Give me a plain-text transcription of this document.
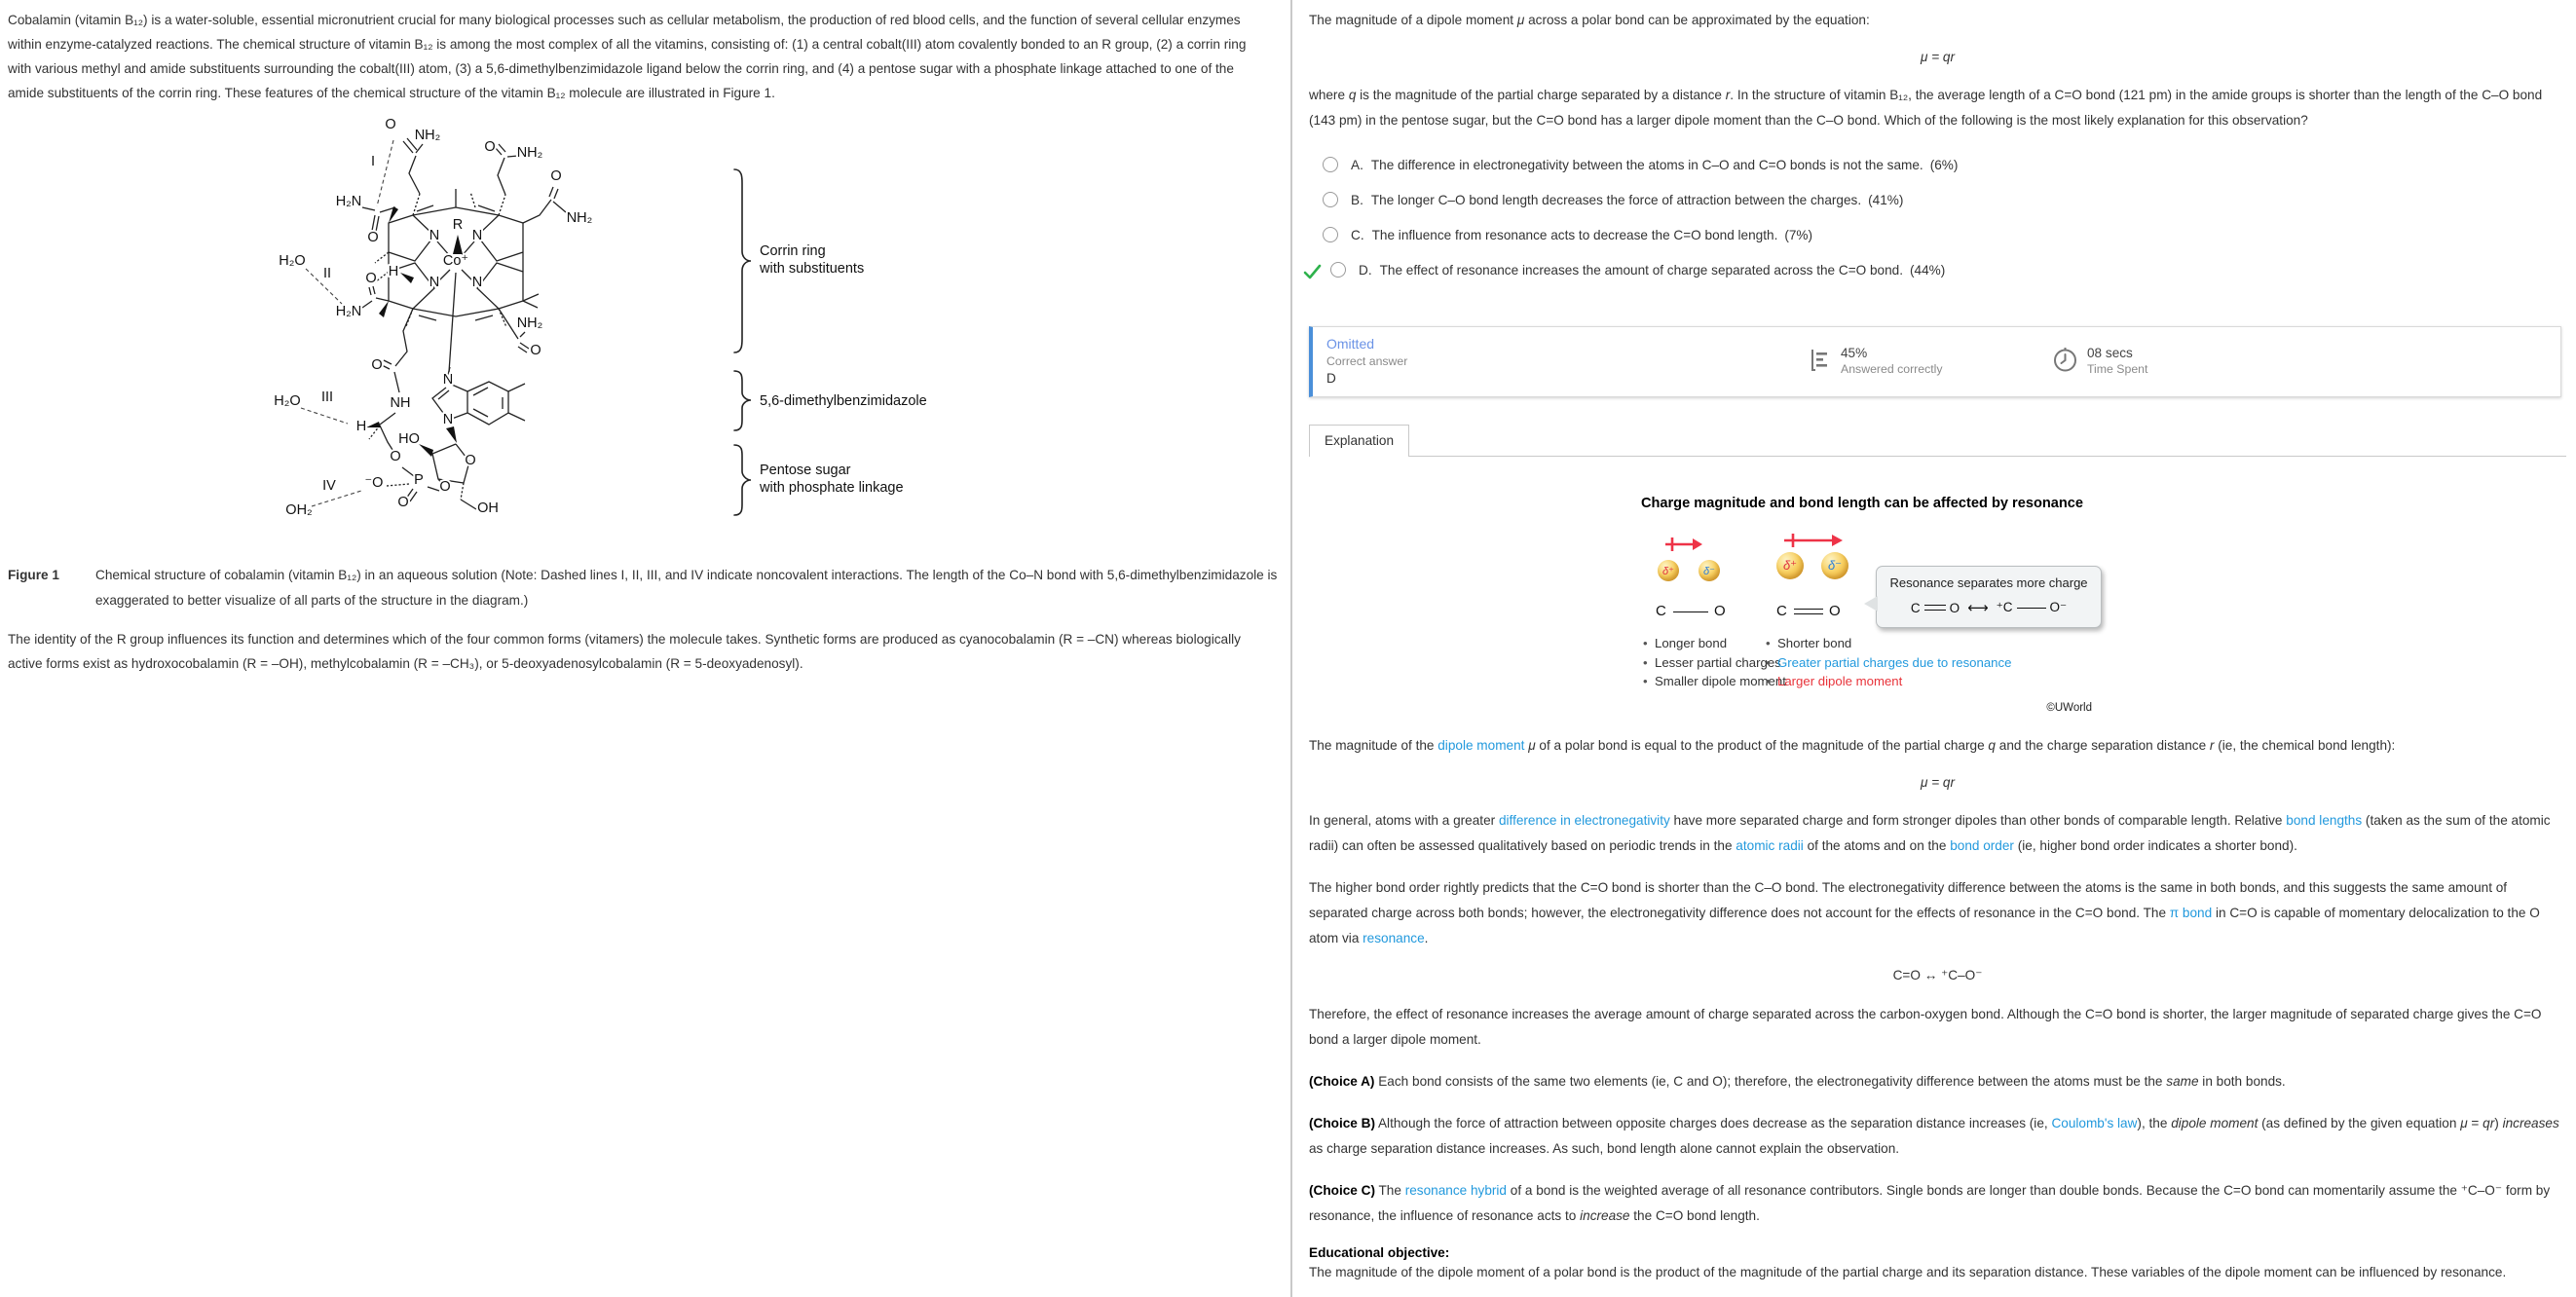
Cobalamin (vitamin B₁₂) is a water-soluble, essential micronutrient crucial for many biological processes such as cellular metabolism, the production of red blood cells, and the function of several cellular enzymes within enzyme-catalyzed reactions. The chemical structure of vitamin B₁₂ is among the most complex of all the vitamins, consisting of: (1) a central cobalt(III) atom covalently bonded to an R group, (2) a corrin ring with various methyl and amide substituents surrounding the cobalt(III) atom, (3) a 5,6-dimethylbenzimidazole ligand below the corrin ring, and (4) a pentose sugar with a phosphate linkage attached to one of the amide substituents of the corrin ring. These features of the chemical structure of the vitamin B₁₂ molecule are illustrated in Figure 1.

O
NH₂
I
O NH₂
O
NH₂
H₂N
O
R
Co⁺
N N
N N
H₂O
II O H
H₂N
NH₂
O
O
NH
H₂O III
H
HO
N
N
O
O
P
⁻O
IV
OH₂	O
O
OH
Corrin ring
with substituents
5,6-dimethylbenzimidazole
Pentose sugar
with phosphate linkage
Figure 1	Chemical structure of cobalamin (vitamin B₁₂) in an aqueous solution (Note: Dashed lines I, II, III, and IV indicate noncovalent interactions. The length of the Co–N bond with 5,6-dimethylbenzimidazole is exaggerated to better visualize of all parts of the structure in the diagram.)

The identity of the R group influences its function and determines which of the four common forms (vitamers) the molecule takes. Synthetic forms are produced as cyanocobalamin (R = –CN) whereas biologically active forms exist as hydroxocobalamin (R = –OH), methylcobalamin (R = –CH₃), or 5-deoxyadenosylcobalamin (R = 5-deoxyadenosyl).

The magnitude of a dipole moment μ across a polar bond can be approximated by the equation:

μ = qr

where q is the magnitude of the partial charge separated by a distance r. In the structure of vitamin B₁₂, the average length of a C=O bond (121 pm) in the amide groups is shorter than the length of the C–O bond (143 pm) in the pentose sugar, but the C=O bond has a larger dipole moment than the C–O bond. Which of the following is the most likely explanation for this observation?

A. The difference in electronegativity between the atoms in C–O and C=O bonds is not the same. (6%)
B. The longer C–O bond length decreases the force of attraction between the charges. (41%)
C. The influence from resonance acts to decrease the C=O bond length. (7%)
D. The effect of resonance increases the amount of charge separated across the C=O bond. (44%)
Omitted
Correct answer
D
45%
Answered correctly
08 secs
Time Spent
Explanation
Charge magnitude and bond length can be affected by resonance
δ⁺	δ⁻
C	O
δ⁺ δ⁻
C	O
Resonance separates more charge
C O ⟷ ⁺C	O⁻
• Longer bond
• Lesser partial charges
• Smaller dipole moment
• Shorter bond
• Greater partial charges due to resonance
• Larger dipole moment
©UWorld

The magnitude of the dipole moment μ of a polar bond is equal to the product of the magnitude of the partial charge q and the charge separation distance r (ie, the chemical bond length):

μ = qr

In general, atoms with a greater difference in electronegativity have more separated charge and form stronger dipoles than other bonds of comparable length. Relative bond lengths (taken as the sum of the atomic radii) can often be assessed qualitatively based on periodic trends in the atomic radii of the atoms and on the bond order (ie, higher bond order indicates a shorter bond).

The higher bond order rightly predicts that the C=O bond is shorter than the C–O bond. The electronegativity difference between the atoms is the same in both bonds, and this suggests the same amount of separated charge across both bonds; however, the electronegativity difference does not account for the effects of resonance in the C=O bond. The π bond in C=O is capable of momentary delocalization to the O atom via resonance.

C=O ↔ ⁺C–O⁻

Therefore, the effect of resonance increases the average amount of charge separated across the carbon-oxygen bond. Although the C=O bond is shorter, the larger magnitude of separated charge gives the C=O bond a larger dipole moment.

(Choice A) Each bond consists of the same two elements (ie, C and O); therefore, the electronegativity difference between the atoms must be the same in both bonds.

(Choice B) Although the force of attraction between opposite charges does decrease as the separation distance increases (ie, Coulomb's law), the dipole moment (as defined by the given equation μ = qr) increases as charge separation distance increases. As such, bond length alone cannot explain the observation.

(Choice C) The resonance hybrid of a bond is the weighted average of all resonance contributors. Single bonds are longer than double bonds. Because the C=O bond can momentarily assume the ⁺C–O⁻ form by resonance, the influence of resonance acts to increase the C=O bond length.

Educational objective:

The magnitude of the dipole moment of a polar bond is the product of the magnitude of the partial charge and its separation distance. These variables of the dipole moment can be influenced by resonance.
